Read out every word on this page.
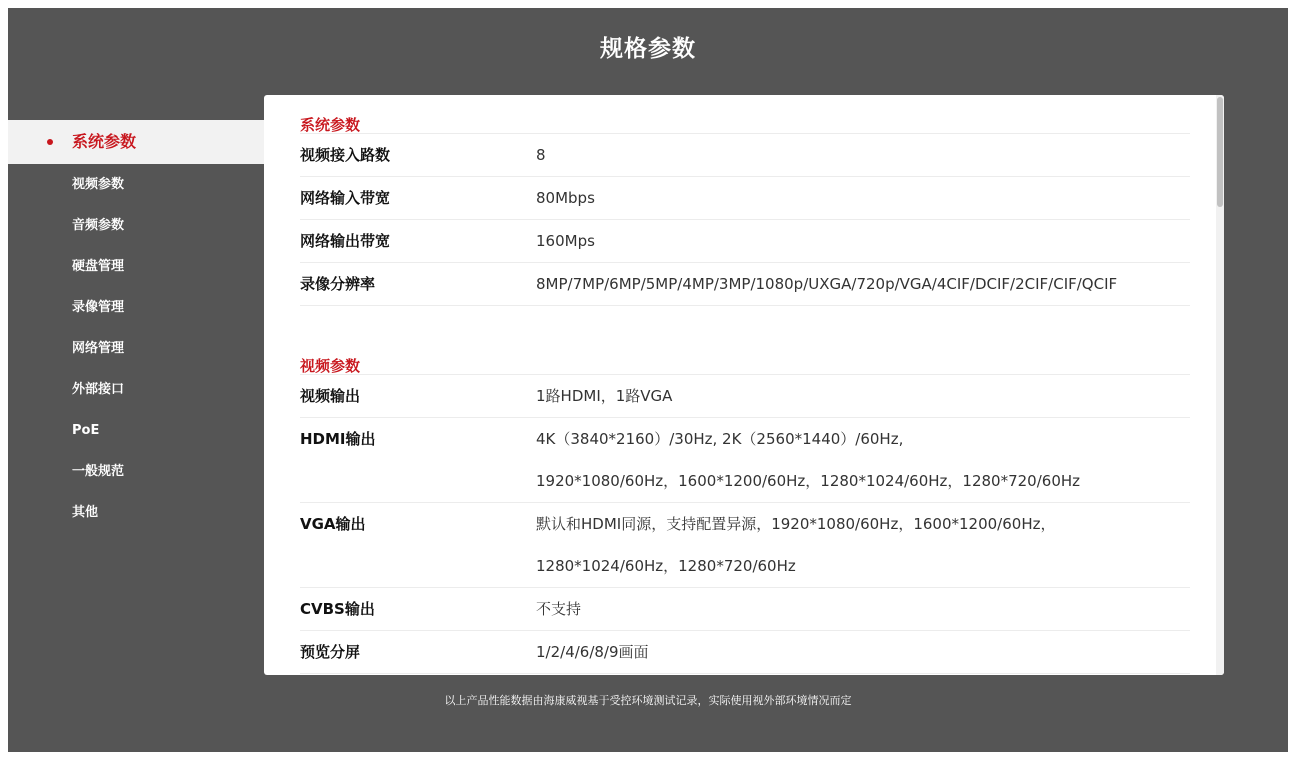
规格参数
系统参数
视频参数
音频参数
硬盘管理
录像管理
网络管理
外部接口
PoE
一般规范
其他
系统参数
视频接入路数	8
网络输入带宽	80Mbps
网络输出带宽	160Mps
录像分辨率	8MP/7MP/6MP/5MP/4MP/3MP/1080p/UXGA/720p/VGA/4CIF/DCIF/2CIF/CIF/QCIF
视频参数
视频输出	1路HDMI，1路VGA
HDMI输出	4K（3840*2160）/30Hz, 2K（2560*1440）/60Hz,
1920*1080/60Hz，1600*1200/60Hz，1280*1024/60Hz，1280*720/60Hz
VGA输出	默认和HDMI同源，支持配置异源，1920*1080/60Hz，1600*1200/60Hz，
1280*1024/60Hz，1280*720/60Hz
CVBS输出	不支持
预览分屏	1/2/4/6/8/9画面
以上产品性能数据由海康威视基于受控环境测试记录，实际使用视外部环境情况而定
